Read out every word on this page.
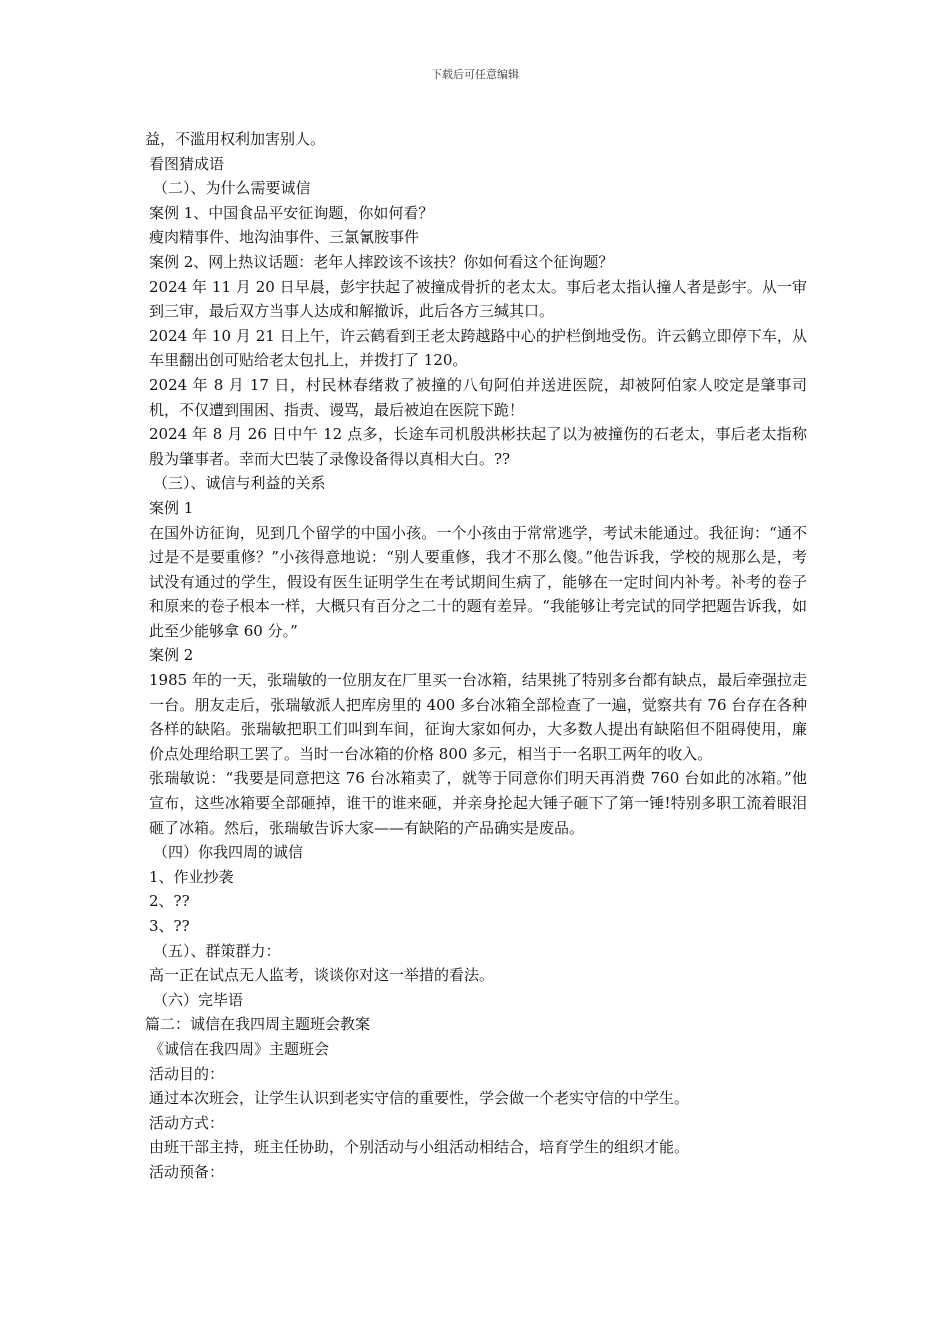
下载后可任意编辑

益，不滥用权利加害别人。

看图猜成语

（二）、为什么需要诚信

案例 1、中国食品平安征询题，你如何看？

瘦肉精事件、地沟油事件、三氯氰胺事件

案例 2、网上热议话题：老年人摔跤该不该扶？你如何看这个征询题？

2024 年 11 月 20 日早晨，彭宇扶起了被撞成骨折的老太太。事后老太指认撞人者是彭宇。从一审到三审，最后双方当事人达成和解撤诉，此后各方三缄其口。

2024 年 10 月 21 日上午，许云鹤看到王老太跨越路中心的护栏倒地受伤。许云鹤立即停下车，从车里翻出创可贴给老太包扎上，并拨打了 120。

2024 年 8 月 17 日，村民林春绪救了被撞的八旬阿伯并送进医院，却被阿伯家人咬定是肇事司机，不仅遭到围困、指责、谩骂，最后被迫在医院下跪！

2024 年 8 月 26 日中午 12 点多，长途车司机殷洪彬扶起了以为被撞伤的石老太，事后老太指称殷为肇事者。幸而大巴装了录像设备得以真相大白。??

（三）、诚信与利益的关系

案例 1

在国外访征询，见到几个留学的中国小孩。一个小孩由于常常逃学，考试未能通过。我征询：“通不过是不是要重修？”小孩得意地说：“别人要重修，我才不那么傻。”他告诉我，学校的规那么是，考试没有通过的学生，假设有医生证明学生在考试期间生病了，能够在一定时间内补考。补考的卷子和原来的卷子根本一样，大概只有百分之二十的题有差异。“我能够让考完试的同学把题告诉我，如此至少能够拿 60 分。”

案例 2

1985 年的一天，张瑞敏的一位朋友在厂里买一台冰箱，结果挑了特别多台都有缺点，最后牵强拉走一台。朋友走后，张瑞敏派人把库房里的 400 多台冰箱全部检查了一遍，觉察共有 76 台存在各种各样的缺陷。张瑞敏把职工们叫到车间，征询大家如何办，大多数人提出有缺陷但不阻碍使用，廉价点处理给职工罢了。当时一台冰箱的价格 800 多元，相当于一名职工两年的收入。

张瑞敏说：“我要是同意把这 76 台冰箱卖了，就等于同意你们明天再消费 760 台如此的冰箱。”他宣布，这些冰箱要全部砸掉，谁干的谁来砸，并亲身抡起大锤子砸下了第一锤!特别多职工流着眼泪砸了冰箱。然后，张瑞敏告诉大家——有缺陷的产品确实是废品。

（四）你我四周的诚信

1、作业抄袭

2、??

3、??

（五）、群策群力：

高一正在试点无人监考，谈谈你对这一举措的看法。

（六）完毕语

篇二：诚信在我四周主题班会教案

《诚信在我四周》主题班会

活动目的：

通过本次班会，让学生认识到老实守信的重要性，学会做一个老实守信的中学生。

活动方式：

由班干部主持，班主任协助，个别活动与小组活动相结合，培育学生的组织才能。

活动预备：
